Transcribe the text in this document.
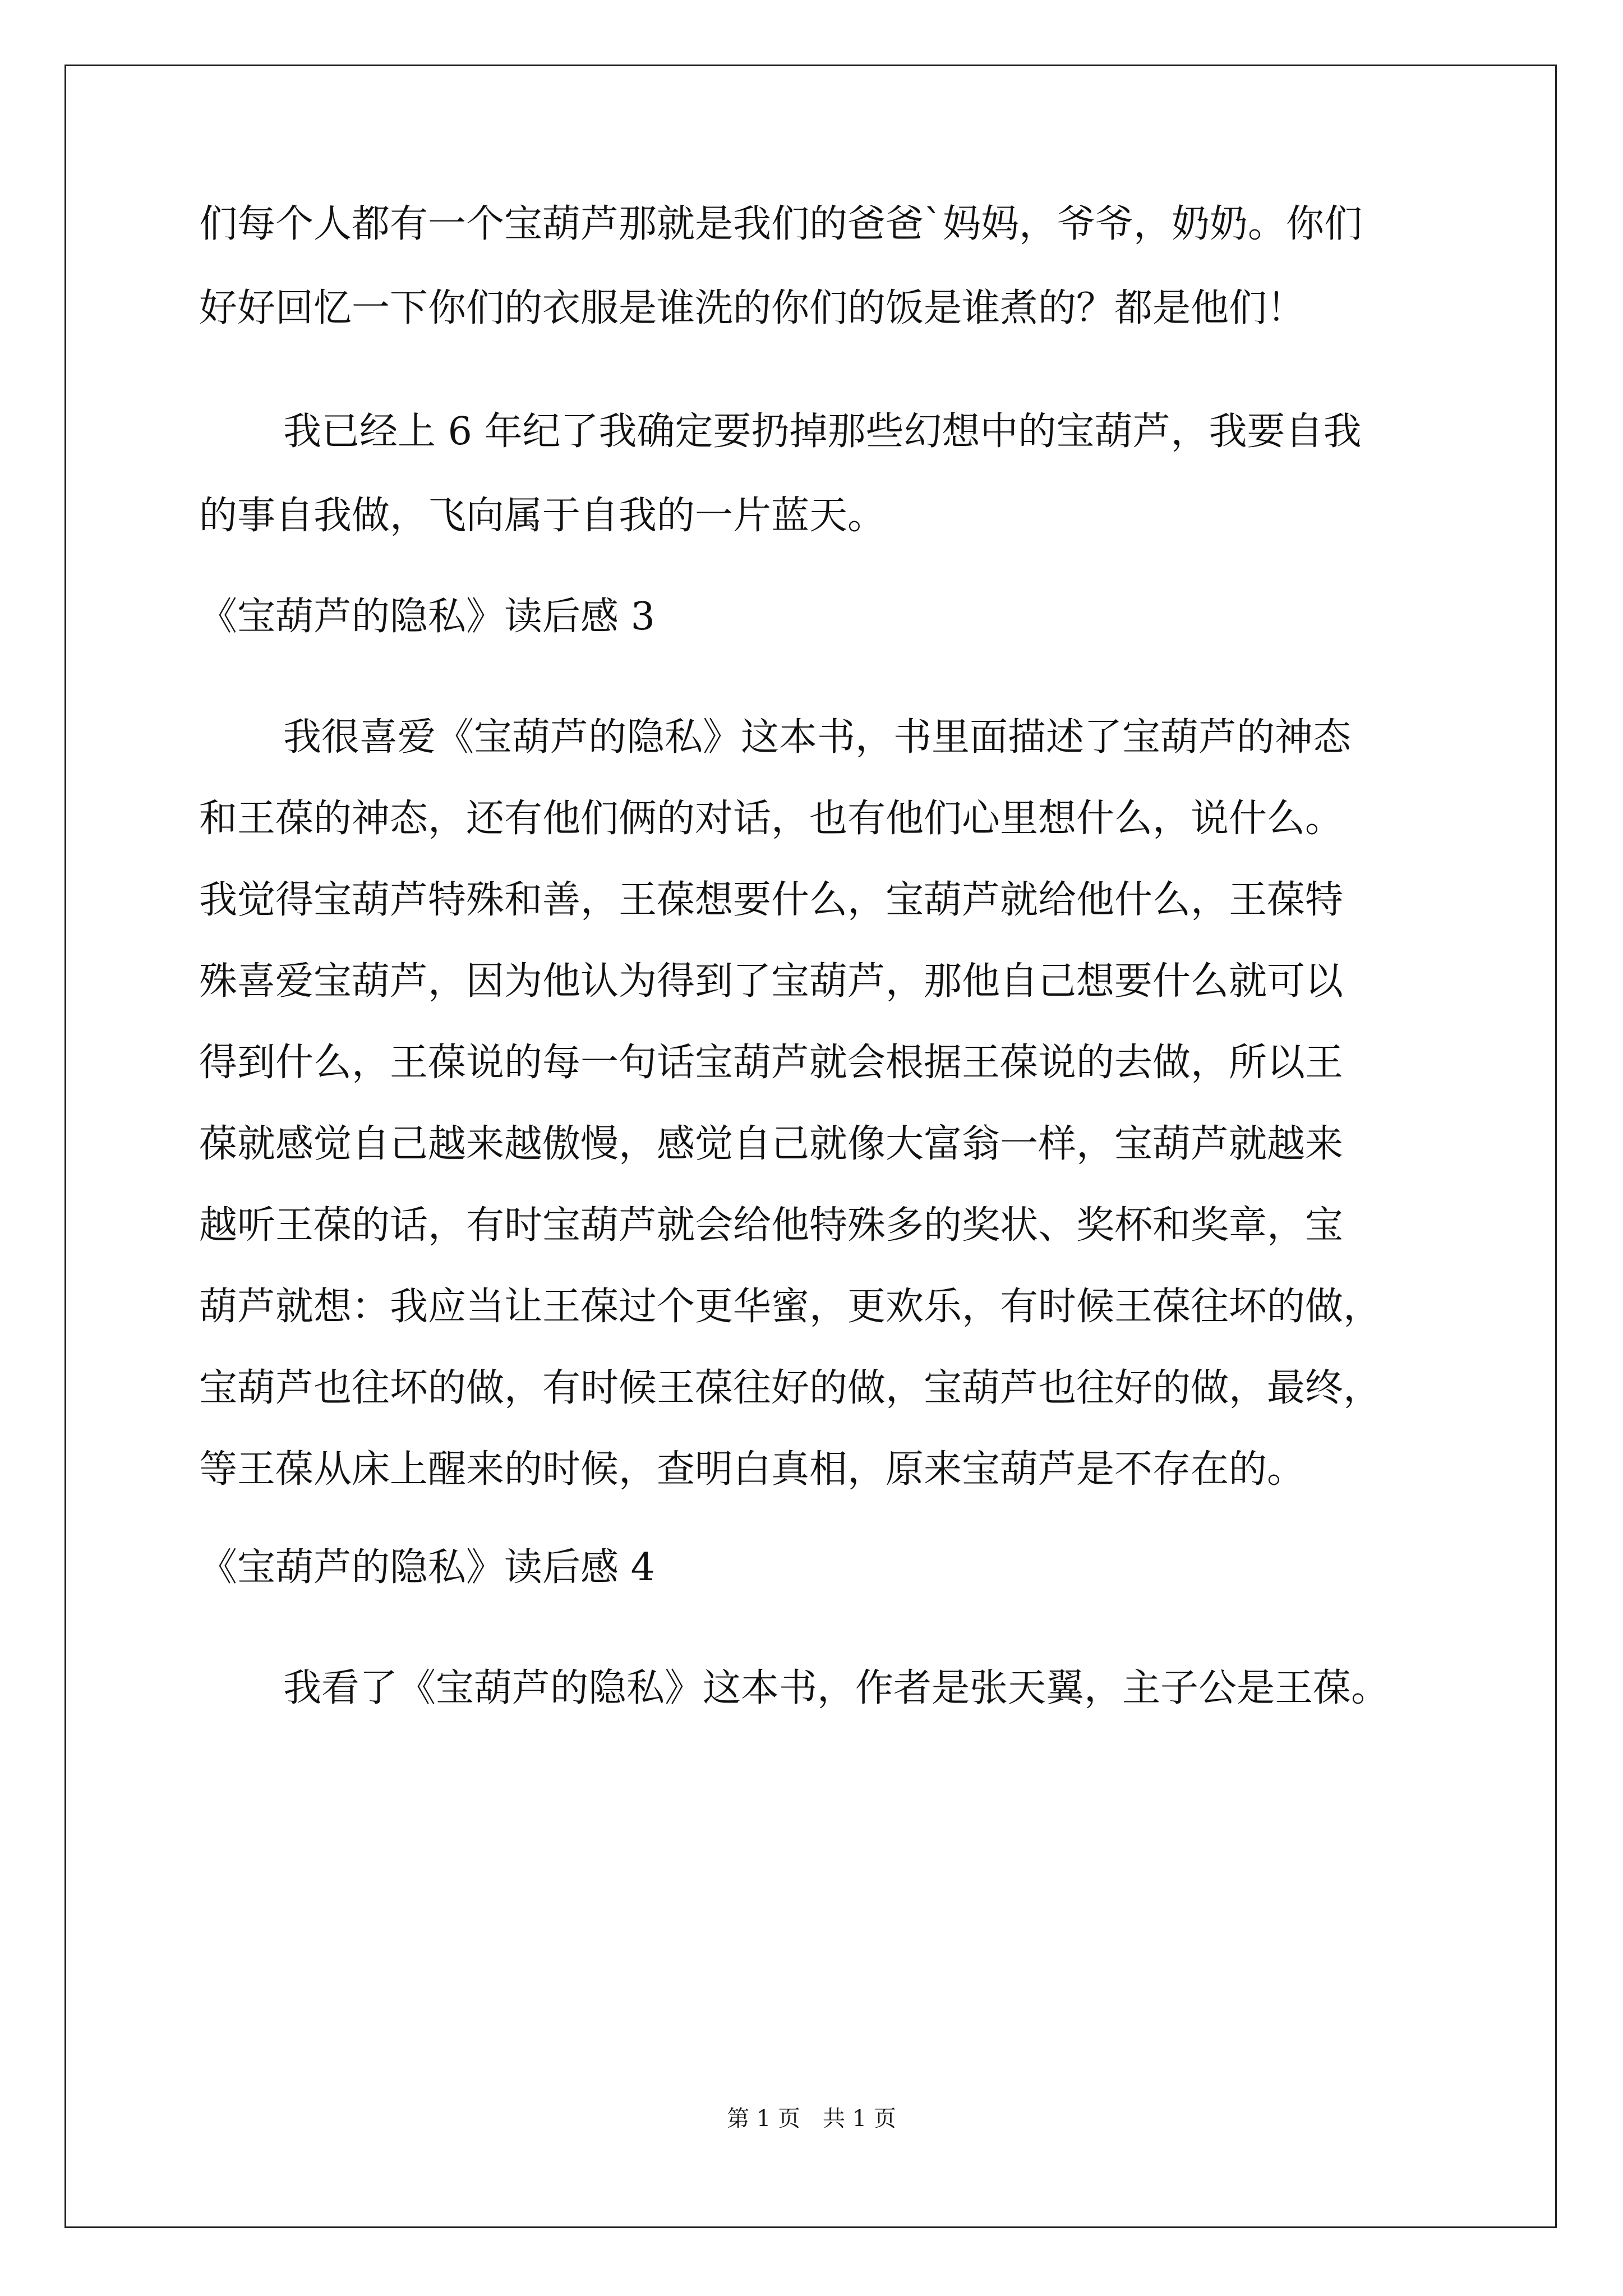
们每个人都有一个宝葫芦那就是我们的爸爸`妈妈，爷爷，奶奶。你们
好好回忆一下你们的衣服是谁洗的你们的饭是谁煮的？都是他们！
我已经上 6 年纪了我确定要扔掉那些幻想中的宝葫芦，我要自我
的事自我做，飞向属于自我的一片蓝天。
《宝葫芦的隐私》读后感 3
我很喜爱《宝葫芦的隐私》这本书，书里面描述了宝葫芦的神态
和王葆的神态，还有他们俩的对话，也有他们心里想什么，说什么。
我觉得宝葫芦特殊和善，王葆想要什么，宝葫芦就给他什么，王葆特
殊喜爱宝葫芦，因为他认为得到了宝葫芦，那他自己想要什么就可以
得到什么，王葆说的每一句话宝葫芦就会根据王葆说的去做，所以王
葆就感觉自己越来越傲慢，感觉自己就像大富翁一样，宝葫芦就越来
越听王葆的话，有时宝葫芦就会给他特殊多的奖状、奖杯和奖章，宝
葫芦就想：我应当让王葆过个更华蜜，更欢乐，有时候王葆往坏的做，
宝葫芦也往坏的做，有时候王葆往好的做，宝葫芦也往好的做，最终，
等王葆从床上醒来的时候，查明白真相，原来宝葫芦是不存在的。
《宝葫芦的隐私》读后感 4
我看了《宝葫芦的隐私》这本书，作者是张天翼，主子公是王葆。
第 1 页　共 1 页
